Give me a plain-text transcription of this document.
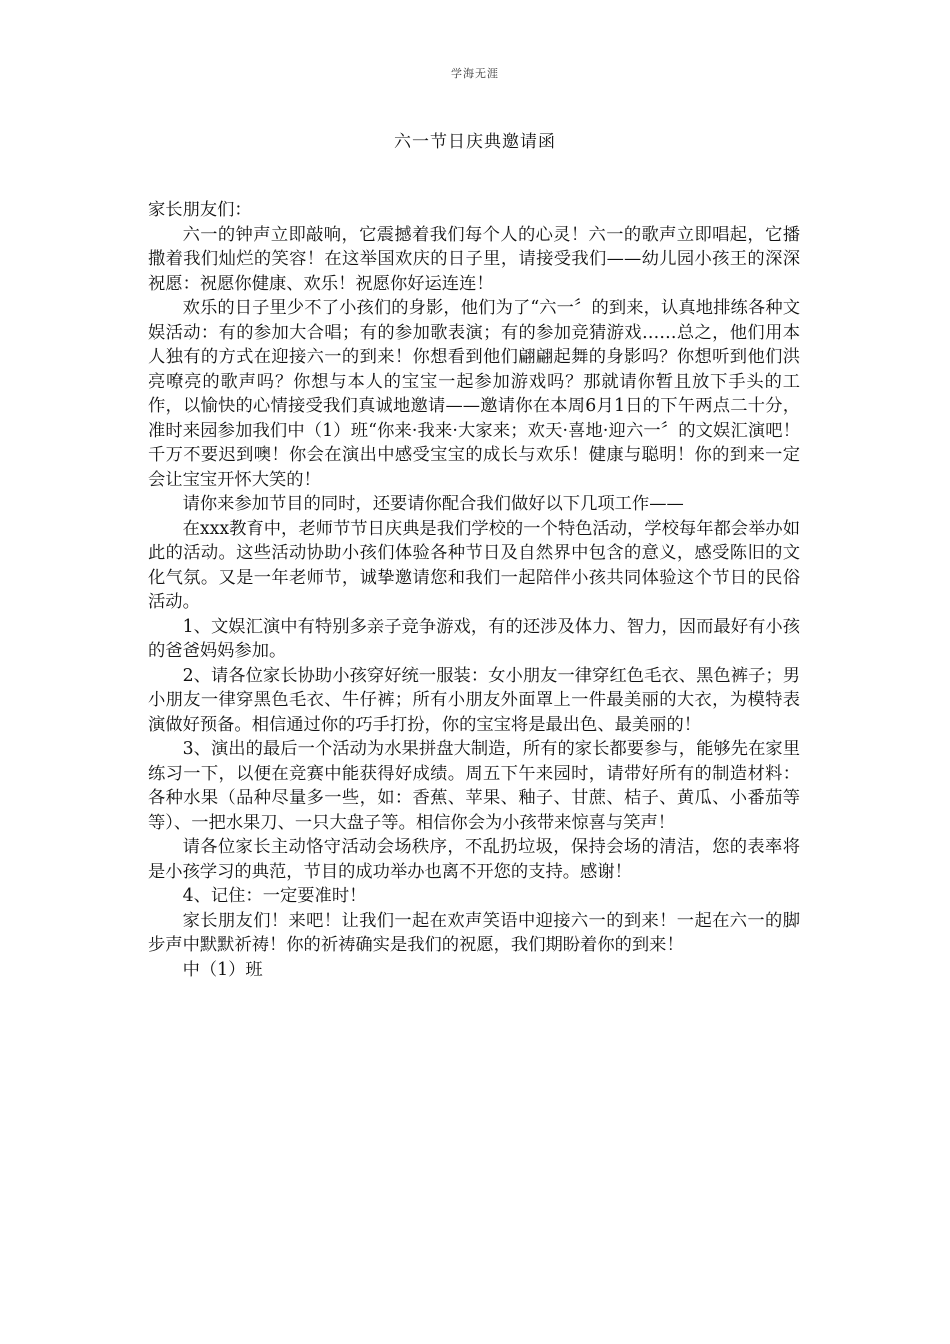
学海无涯
六一节日庆典邀请函

家长朋友们：

六一的钟声立即敲响，它震撼着我们每个人的心灵！六一的歌声立即唱起，它播撒着我们灿烂的笑容！在这举国欢庆的日子里，请接受我们——幼儿园小孩王的深深祝愿：祝愿你健康、欢乐！祝愿你好运连连！

欢乐的日子里少不了小孩们的身影，他们为了“六一〞的到来，认真地排练各种文娱活动：有的参加大合唱；有的参加歌表演；有的参加竞猜游戏……总之，他们用本人独有的方式在迎接六一的到来！你想看到他们翩翩起舞的身影吗？你想听到他们洪亮嘹亮的歌声吗？你想与本人的宝宝一起参加游戏吗？那就请你暂且放下手头的工作，以愉快的心情接受我们真诚地邀请——邀请你在本周6月1日的下午两点二十分，准时来园参加我们中（1）班“你来·我来·大家来；欢天·喜地·迎六一〞的文娱汇演吧！千万不要迟到噢！你会在演出中感受宝宝的成长与欢乐！健康与聪明！你的到来一定会让宝宝开怀大笑的！

请你来参加节目的同时，还要请你配合我们做好以下几项工作——

在xxx教育中，老师节节日庆典是我们学校的一个特色活动，学校每年都会举办如此的活动。这些活动协助小孩们体验各种节日及自然界中包含的意义，感受陈旧的文化气氛。又是一年老师节，诚挚邀请您和我们一起陪伴小孩共同体验这个节日的民俗活动。

1、文娱汇演中有特别多亲子竞争游戏，有的还涉及体力、智力，因而最好有小孩的爸爸妈妈参加。

2、请各位家长协助小孩穿好统一服装：女小朋友一律穿红色毛衣、黑色裤子；男小朋友一律穿黑色毛衣、牛仔裤；所有小朋友外面罩上一件最美丽的大衣，为模特表演做好预备。相信通过你的巧手打扮，你的宝宝将是最出色、最美丽的！

3、演出的最后一个活动为水果拼盘大制造，所有的家长都要参与，能够先在家里练习一下，以便在竞赛中能获得好成绩。周五下午来园时，请带好所有的制造材料：各种水果（品种尽量多一些，如：香蕉、苹果、釉子、甘蔗、桔子、黄瓜、小番茄等等）、一把水果刀、一只大盘子等。相信你会为小孩带来惊喜与笑声！

请各位家长主动恪守活动会场秩序，不乱扔垃圾，保持会场的清洁，您的表率将是小孩学习的典范，节目的成功举办也离不开您的支持。感谢！

4、记住：一定要准时！

家长朋友们！来吧！让我们一起在欢声笑语中迎接六一的到来！一起在六一的脚步声中默默祈祷！你的祈祷确实是我们的祝愿，我们期盼着你的到来！

中（1）班
